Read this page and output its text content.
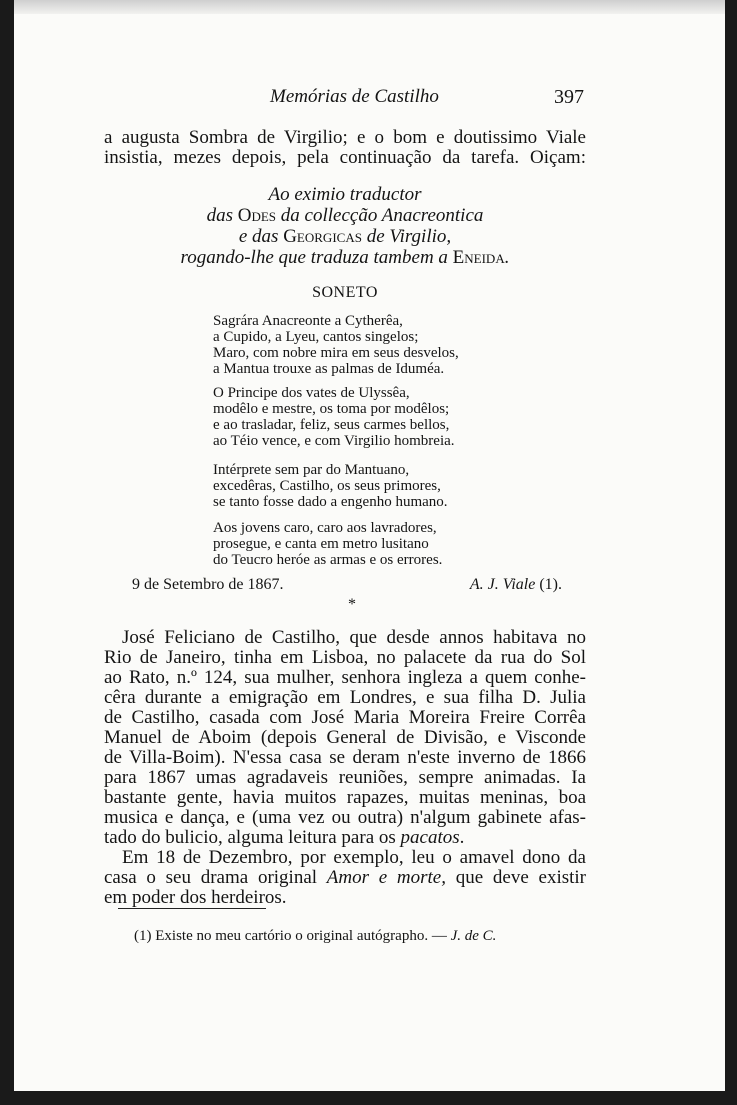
Memórias de Castilho	397
a augusta Sombra de Virgilio; e o bom e doutissimo Viale
insistia, mezes depois, pela continuação da tarefa. Oiçam:
Ao eximio traductor
das Odes da collecção Anacreontica
e das Georgicas de Virgilio,
rogando-lhe que traduza tambem a Eneida.
SONETO
Sagrára Anacreonte a Cytherêa,
a Cupido, a Lyeu, cantos singelos;
Maro, com nobre mira em seus desvelos,
a Mantua trouxe as palmas de Iduméa.
O Principe dos vates de Ulyssêa,
modêlo e mestre, os toma por modêlos;
e ao trasladar, feliz, seus carmes bellos,
ao Téio vence, e com Virgilio hombreia.
Intérprete sem par do Mantuano,
excedêras, Castilho, os seus primores,
se tanto fosse dado a engenho humano.
Aos jovens caro, caro aos lavradores,
prosegue, e canta em metro lusitano
do Teucro heróe as armas e os errores.
9 de Setembro de 1867.	A. J. Viale (1).
*
José Feliciano de Castilho, que desde annos habitava no
Rio de Janeiro, tinha em Lisboa, no palacete da rua do Sol
ao Rato, n.º 124, sua mulher, senhora ingleza a quem conhe-
cêra durante a emigração em Londres, e sua filha D. Julia
de Castilho, casada com José Maria Moreira Freire Corrêa
Manuel de Aboim (depois General de Divisão, e Visconde
de Villa-Boim). N'essa casa se deram n'este inverno de 1866
para 1867 umas agradaveis reuniões, sempre animadas. Ia
bastante gente, havia muitos rapazes, muitas meninas, boa
musica e dança, e (uma vez ou outra) n'algum gabinete afas-
tado do bulicio, alguma leitura para os pacatos.
Em 18 de Dezembro, por exemplo, leu o amavel dono da
casa o seu drama original Amor e morte, que deve existir
em poder dos herdeiros.
(1) Existe no meu cartório o original autógrapho. — J. de C.
